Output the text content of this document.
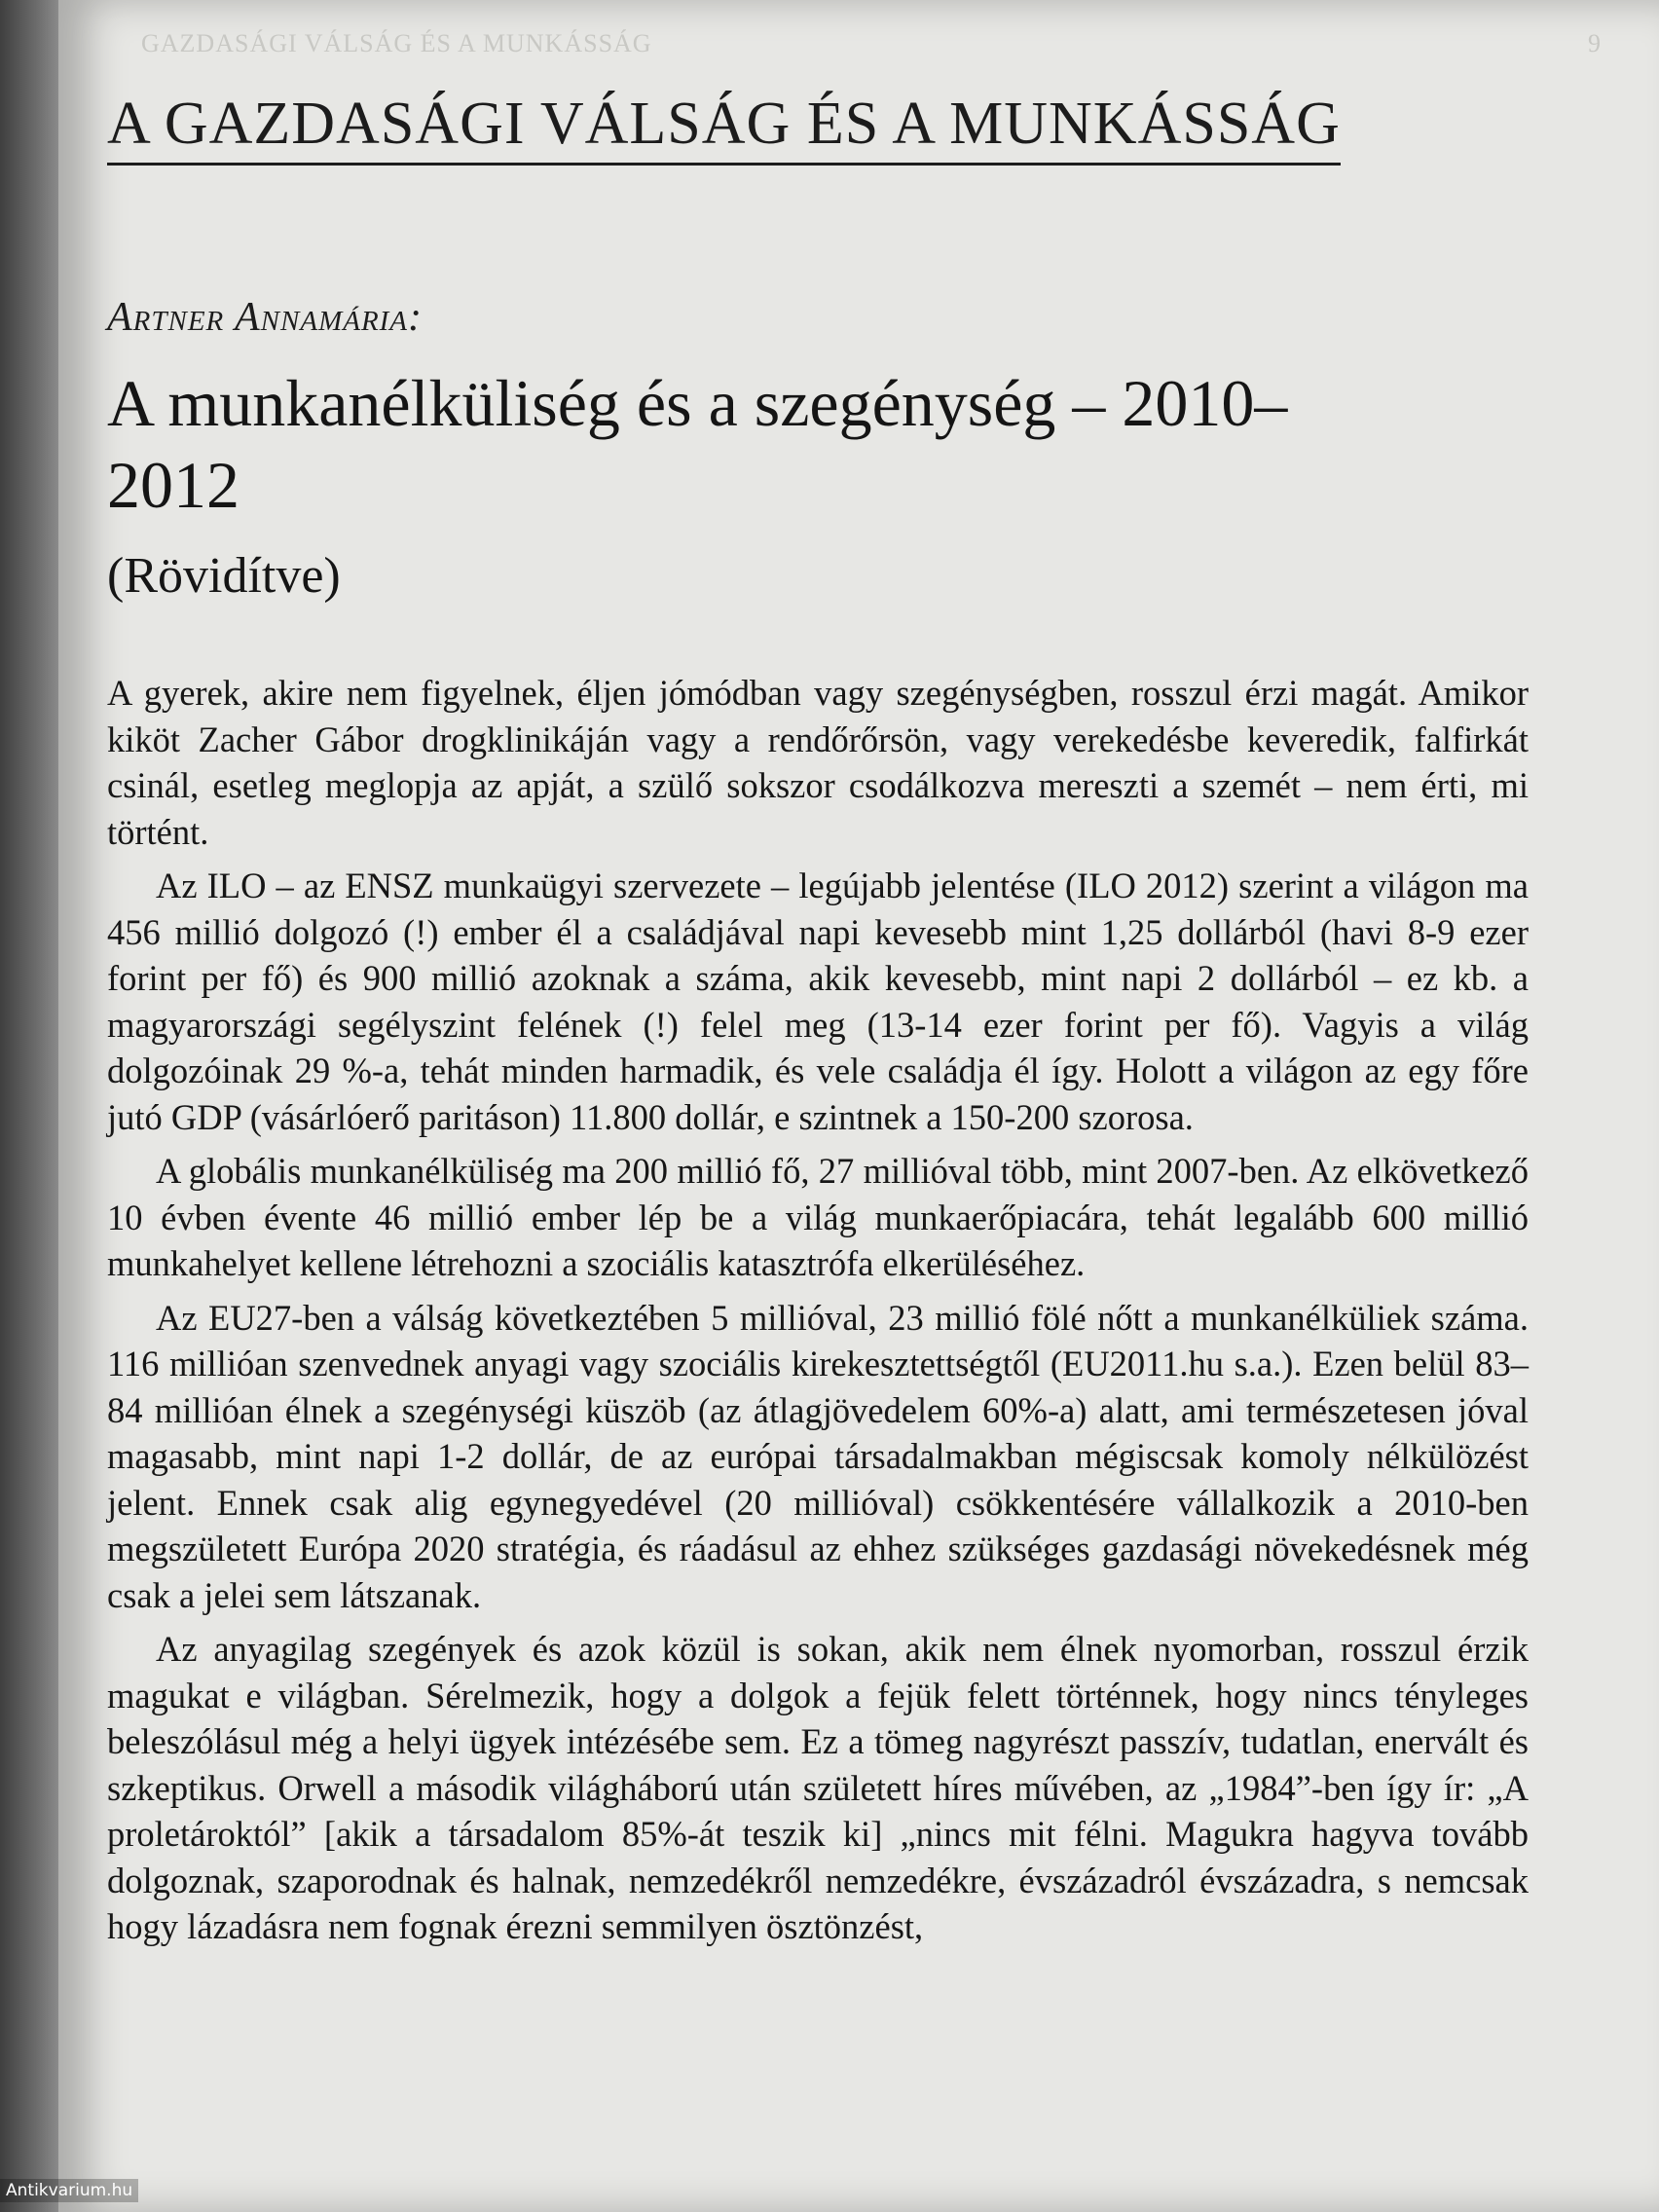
GAZDASÁGI VÁLSÁG ÉS A MUNKÁSSÁG	9
A GAZDASÁGI VÁLSÁG ÉS A MUNKÁSSÁG
Artner Annamária:
A munkanélküliség és a szegénység – 2010–2012
(Rövidítve)

A gyerek, akire nem figyelnek, éljen jómódban vagy szegénységben, rosszul érzi magát. Amikor kiköt Zacher Gábor drogklinikáján vagy a rendőrőrsön, vagy verekedésbe keveredik, falfirkát csinál, esetleg meglopja az apját, a szülő sokszor csodálkozva mereszti a szemét – nem érti, mi történt.

Az ILO – az ENSZ munkaügyi szervezete – legújabb jelentése (ILO 2012) szerint a világon ma 456 millió dolgozó (!) ember él a családjával napi kevesebb mint 1,25 dollárból (havi 8-9 ezer forint per fő) és 900 millió azoknak a száma, akik kevesebb, mint napi 2 dollárból – ez kb. a magyarországi segélyszint felének (!) felel meg (13-14 ezer forint per fő). Vagyis a világ dolgozóinak 29 %-a, tehát minden harmadik, és vele családja él így. Holott a világon az egy főre jutó GDP (vásárlóerő paritáson) 11.800 dollár, e szintnek a 150-200 szorosa.

A globális munkanélküliség ma 200 millió fő, 27 millióval több, mint 2007-ben. Az elkövetkező 10 évben évente 46 millió ember lép be a világ munkaerőpiacára, tehát legalább 600 millió munkahelyet kellene létrehozni a szociális katasztrófa elkerüléséhez.

Az EU27-ben a válság következtében 5 millióval, 23 millió fölé nőtt a munkanélküliek száma. 116 millióan szenvednek anyagi vagy szociális kirekesztettségtől (EU2011.hu s.a.). Ezen belül 83–84 millióan élnek a szegénységi küszöb (az átlagjövedelem 60%-a) alatt, ami természetesen jóval magasabb, mint napi 1-2 dollár, de az európai társadalmakban mégiscsak komoly nélkülözést jelent. Ennek csak alig egynegyedével (20 millióval) csökkentésére vállalkozik a 2010-ben megszületett Európa 2020 stratégia, és ráadásul az ehhez szükséges gazdasági növekedésnek még csak a jelei sem látszanak.

Az anyagilag szegények és azok közül is sokan, akik nem élnek nyomorban, rosszul érzik magukat e világban. Sérelmezik, hogy a dolgok a fejük felett történnek, hogy nincs tényleges beleszólásul még a helyi ügyek intézésébe sem. Ez a tömeg nagyrészt passzív, tudatlan, enervált és szkeptikus. Orwell a második világháború után született híres művében, az „1984”-ben így ír: „A proletároktól” [akik a társadalom 85%-át teszik ki] „nincs mit félni. Magukra hagyva tovább dolgoznak, szaporodnak és halnak, nemzedékről nemzedékre, évszázadról évszázadra, s nemcsak hogy lázadásra nem fognak érezni semmilyen ösztönzést,

Antikvarium.hu
